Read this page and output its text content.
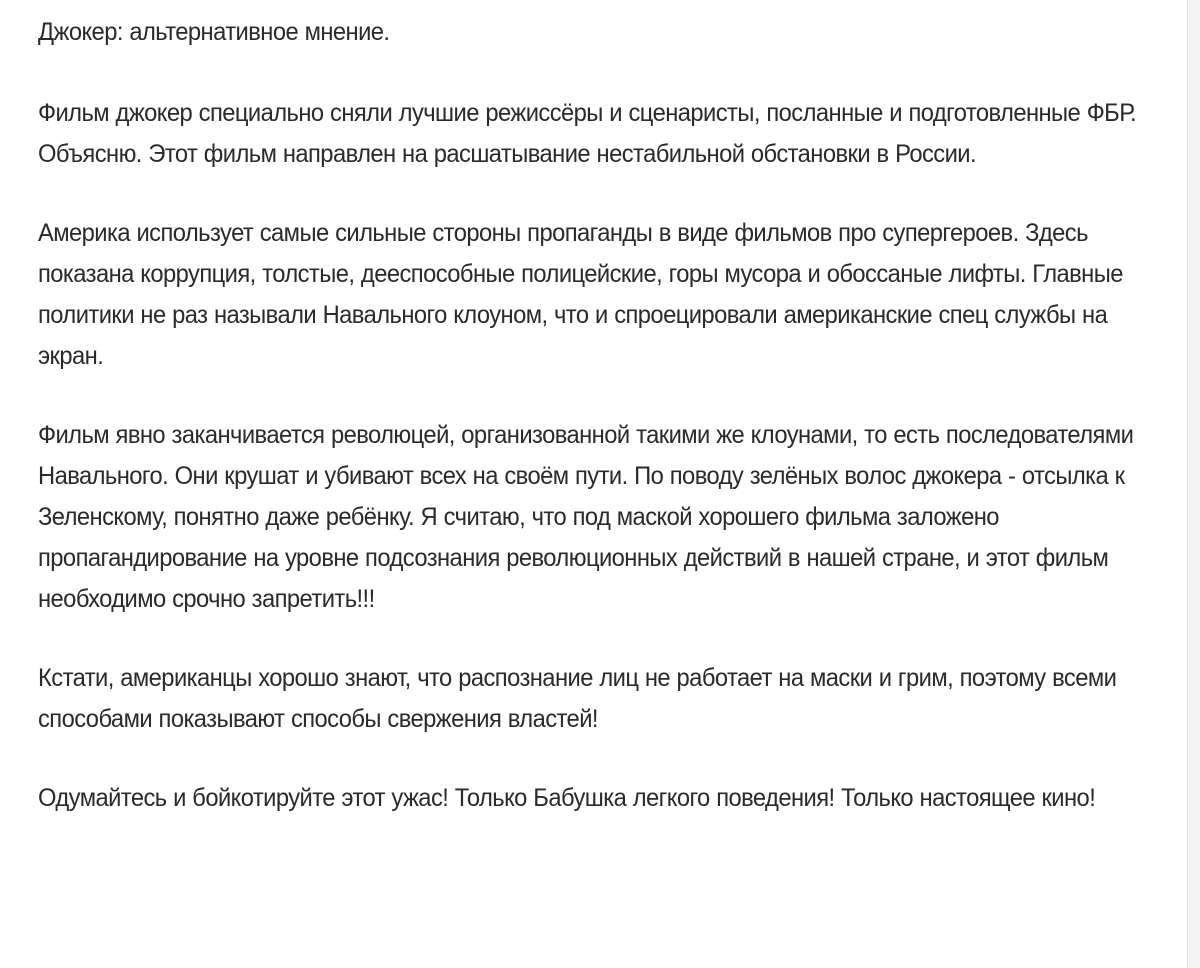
Джокер: альтернативное мнение.

Фильм джокер специально сняли лучшие режиссёры и сценаристы, посланные и подготовленные ФБР. Объясню. Этот фильм направлен на расшатывание нестабильной обстановки в России.

Америка использует самые сильные стороны пропаганды в виде фильмов про супергероев. Здесь показана коррупция, толстые, дееспособные полицейские, горы мусора и обоссаные лифты. Главные политики не раз называли Навального клоуном, что и спроецировали американские спец службы на экран.

Фильм явно заканчивается революцей, организованной такими же клоунами, то есть последователями Навального. Они крушат и убивают всех на своём пути. По поводу зелёных волос джокера - отсылка к Зеленскому, понятно даже ребёнку. Я считаю, что под маской хорошего фильма заложено пропагандирование на уровне подсознания революционных действий в нашей стране, и этот фильм необходимо срочно запретить!!!

Кстати, американцы хорошо знают, что распознание лиц не работает на маски и грим, поэтому всеми способами показывают способы свержения властей!

Одумайтесь и бойкотируйте этот ужас! Только Бабушка легкого поведения! Только настоящее кино!
